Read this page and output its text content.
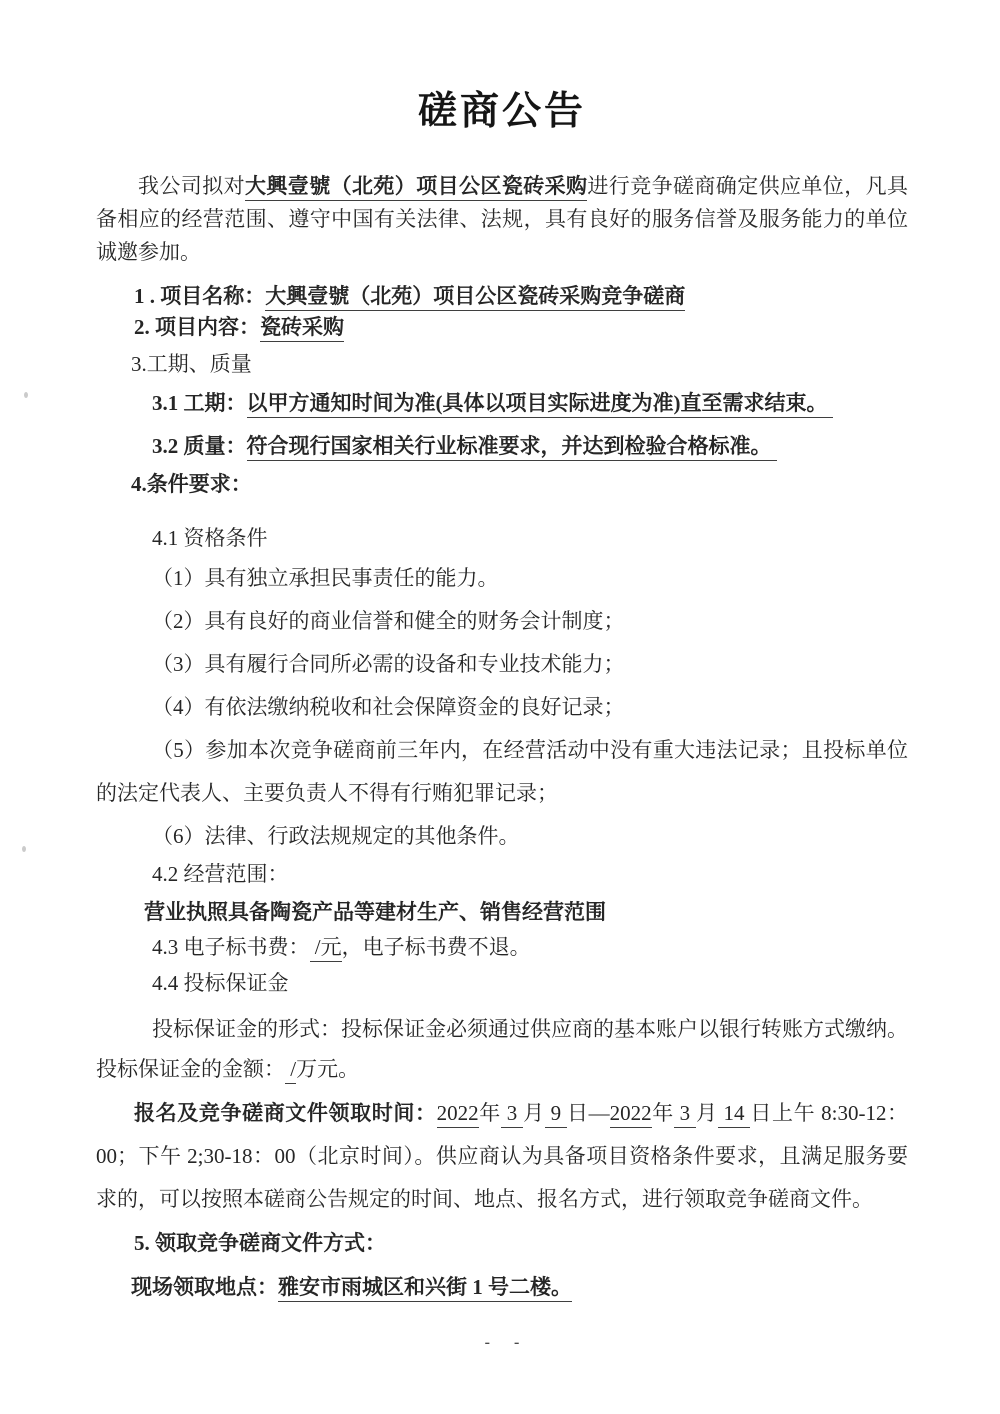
磋商公告

我公司拟对大興壹號（北苑）项目公区瓷砖采购进行竞争磋商确定供应单位，凡具备相应的经营范围、遵守中国有关法律、法规，具有良好的服务信誉及服务能力的单位诚邀参加。

1 . 项目名称：大興壹號（北苑）项目公区瓷砖采购竞争磋商

2. 项目内容：瓷砖采购

3.工期、质量

3.1 工期：以甲方通知时间为准(具体以项目实际进度为准)直至需求结束。

3.2 质量：符合现行国家相关行业标准要求，并达到检验合格标准。

4.条件要求：

4.1 资格条件

（1）具有独立承担民事责任的能力。

（2）具有良好的商业信誉和健全的财务会计制度；

（3）具有履行合同所必需的设备和专业技术能力；

（4）有依法缴纳税收和社会保障资金的良好记录；

（5）参加本次竞争磋商前三年内，在经营活动中没有重大违法记录；且投标单位的法定代表人、主要负责人不得有行贿犯罪记录；

（6）法律、行政法规规定的其他条件。

4.2 经营范围：

营业执照具备陶瓷产品等建材生产、销售经营范围

4.3 电子标书费： /元，电子标书费不退。

4.4 投标保证金

投标保证金的形式：投标保证金必须通过供应商的基本账户以银行转账方式缴纳。投标保证金的金额： /万元。

报名及竞争磋商文件领取时间：2022年 3 月 9 日—2022年 3 月 14 日上午 8:30-12：00；下午 2;30-18：00（北京时间）。供应商认为具备项目资格条件要求，且满足服务要求的，可以按照本磋商公告规定的时间、地点、报名方式，进行领取竞争磋商文件。

5. 领取竞争磋商文件方式：

现场领取地点：雅安市雨城区和兴街 1 号二楼。

- -
